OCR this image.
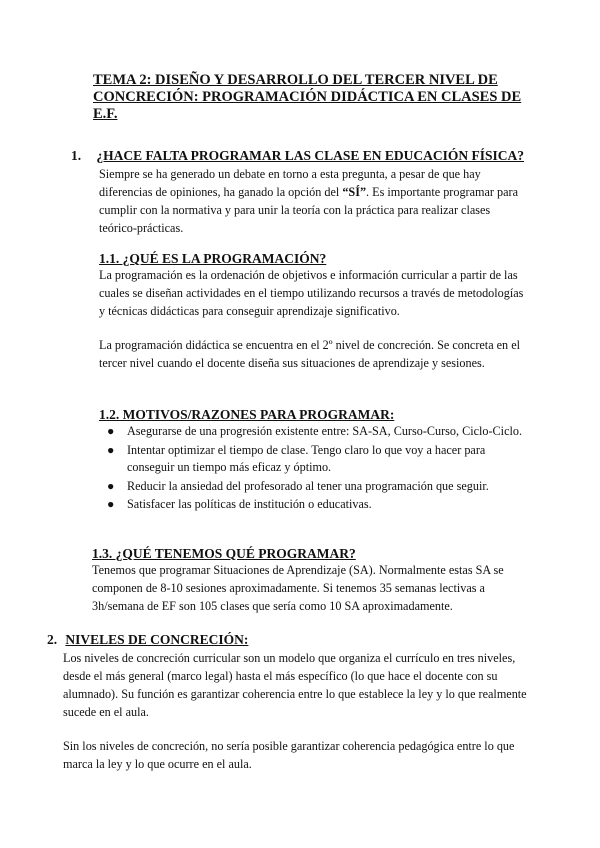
TEMA 2: DISEÑO Y DESARROLLO DEL TERCER NIVEL DE CONCRECIÓN: PROGRAMACIÓN DIDÁCTICA EN CLASES DE E.F.
1. ¿HACE FALTA PROGRAMAR LAS CLASE EN EDUCACIÓN FÍSICA?
Siempre se ha generado un debate en torno a esta pregunta, a pesar de que hay diferencias de opiniones, ha ganado la opción del “SÍ”. Es importante programar para cumplir con la normativa y para unir la teoría con la práctica para realizar clases teórico-prácticas.
1.1. ¿QUÉ ES LA PROGRAMACIÓN?
La programación es la ordenación de objetivos e información curricular a partir de las cuales se diseñan actividades en el tiempo utilizando recursos a través de metodologías y técnicas didácticas para conseguir aprendizaje significativo.
La programación didáctica se encuentra en el 2º nivel de concreción. Se concreta en el tercer nivel cuando el docente diseña sus situaciones de aprendizaje y sesiones.
1.2. MOTIVOS/RAZONES PARA PROGRAMAR:
● Asegurarse de una progresión existente entre: SA-SA, Curso-Curso, Ciclo-Ciclo.
● Intentar optimizar el tiempo de clase. Tengo claro lo que voy a hacer para conseguir un tiempo más eficaz y óptimo.
● Reducir la ansiedad del profesorado al tener una programación que seguir.
● Satisfacer las políticas de institución o educativas.
1.3. ¿QUÉ TENEMOS QUÉ PROGRAMAR?
Tenemos que programar Situaciones de Aprendizaje (SA). Normalmente estas SA se componen de 8-10 sesiones aproximadamente. Si tenemos 35 semanas lectivas a 3h/semana de EF son 105 clases que sería como 10 SA aproximadamente.
2. NIVELES DE CONCRECIÓN:
Los niveles de concreción curricular son un modelo que organiza el currículo en tres niveles, desde el más general (marco legal) hasta el más específico (lo que hace el docente con su alumnado). Su función es garantizar coherencia entre lo que establece la ley y lo que realmente sucede en el aula.
Sin los niveles de concreción, no sería posible garantizar coherencia pedagógica entre lo que marca la ley y lo que ocurre en el aula.
